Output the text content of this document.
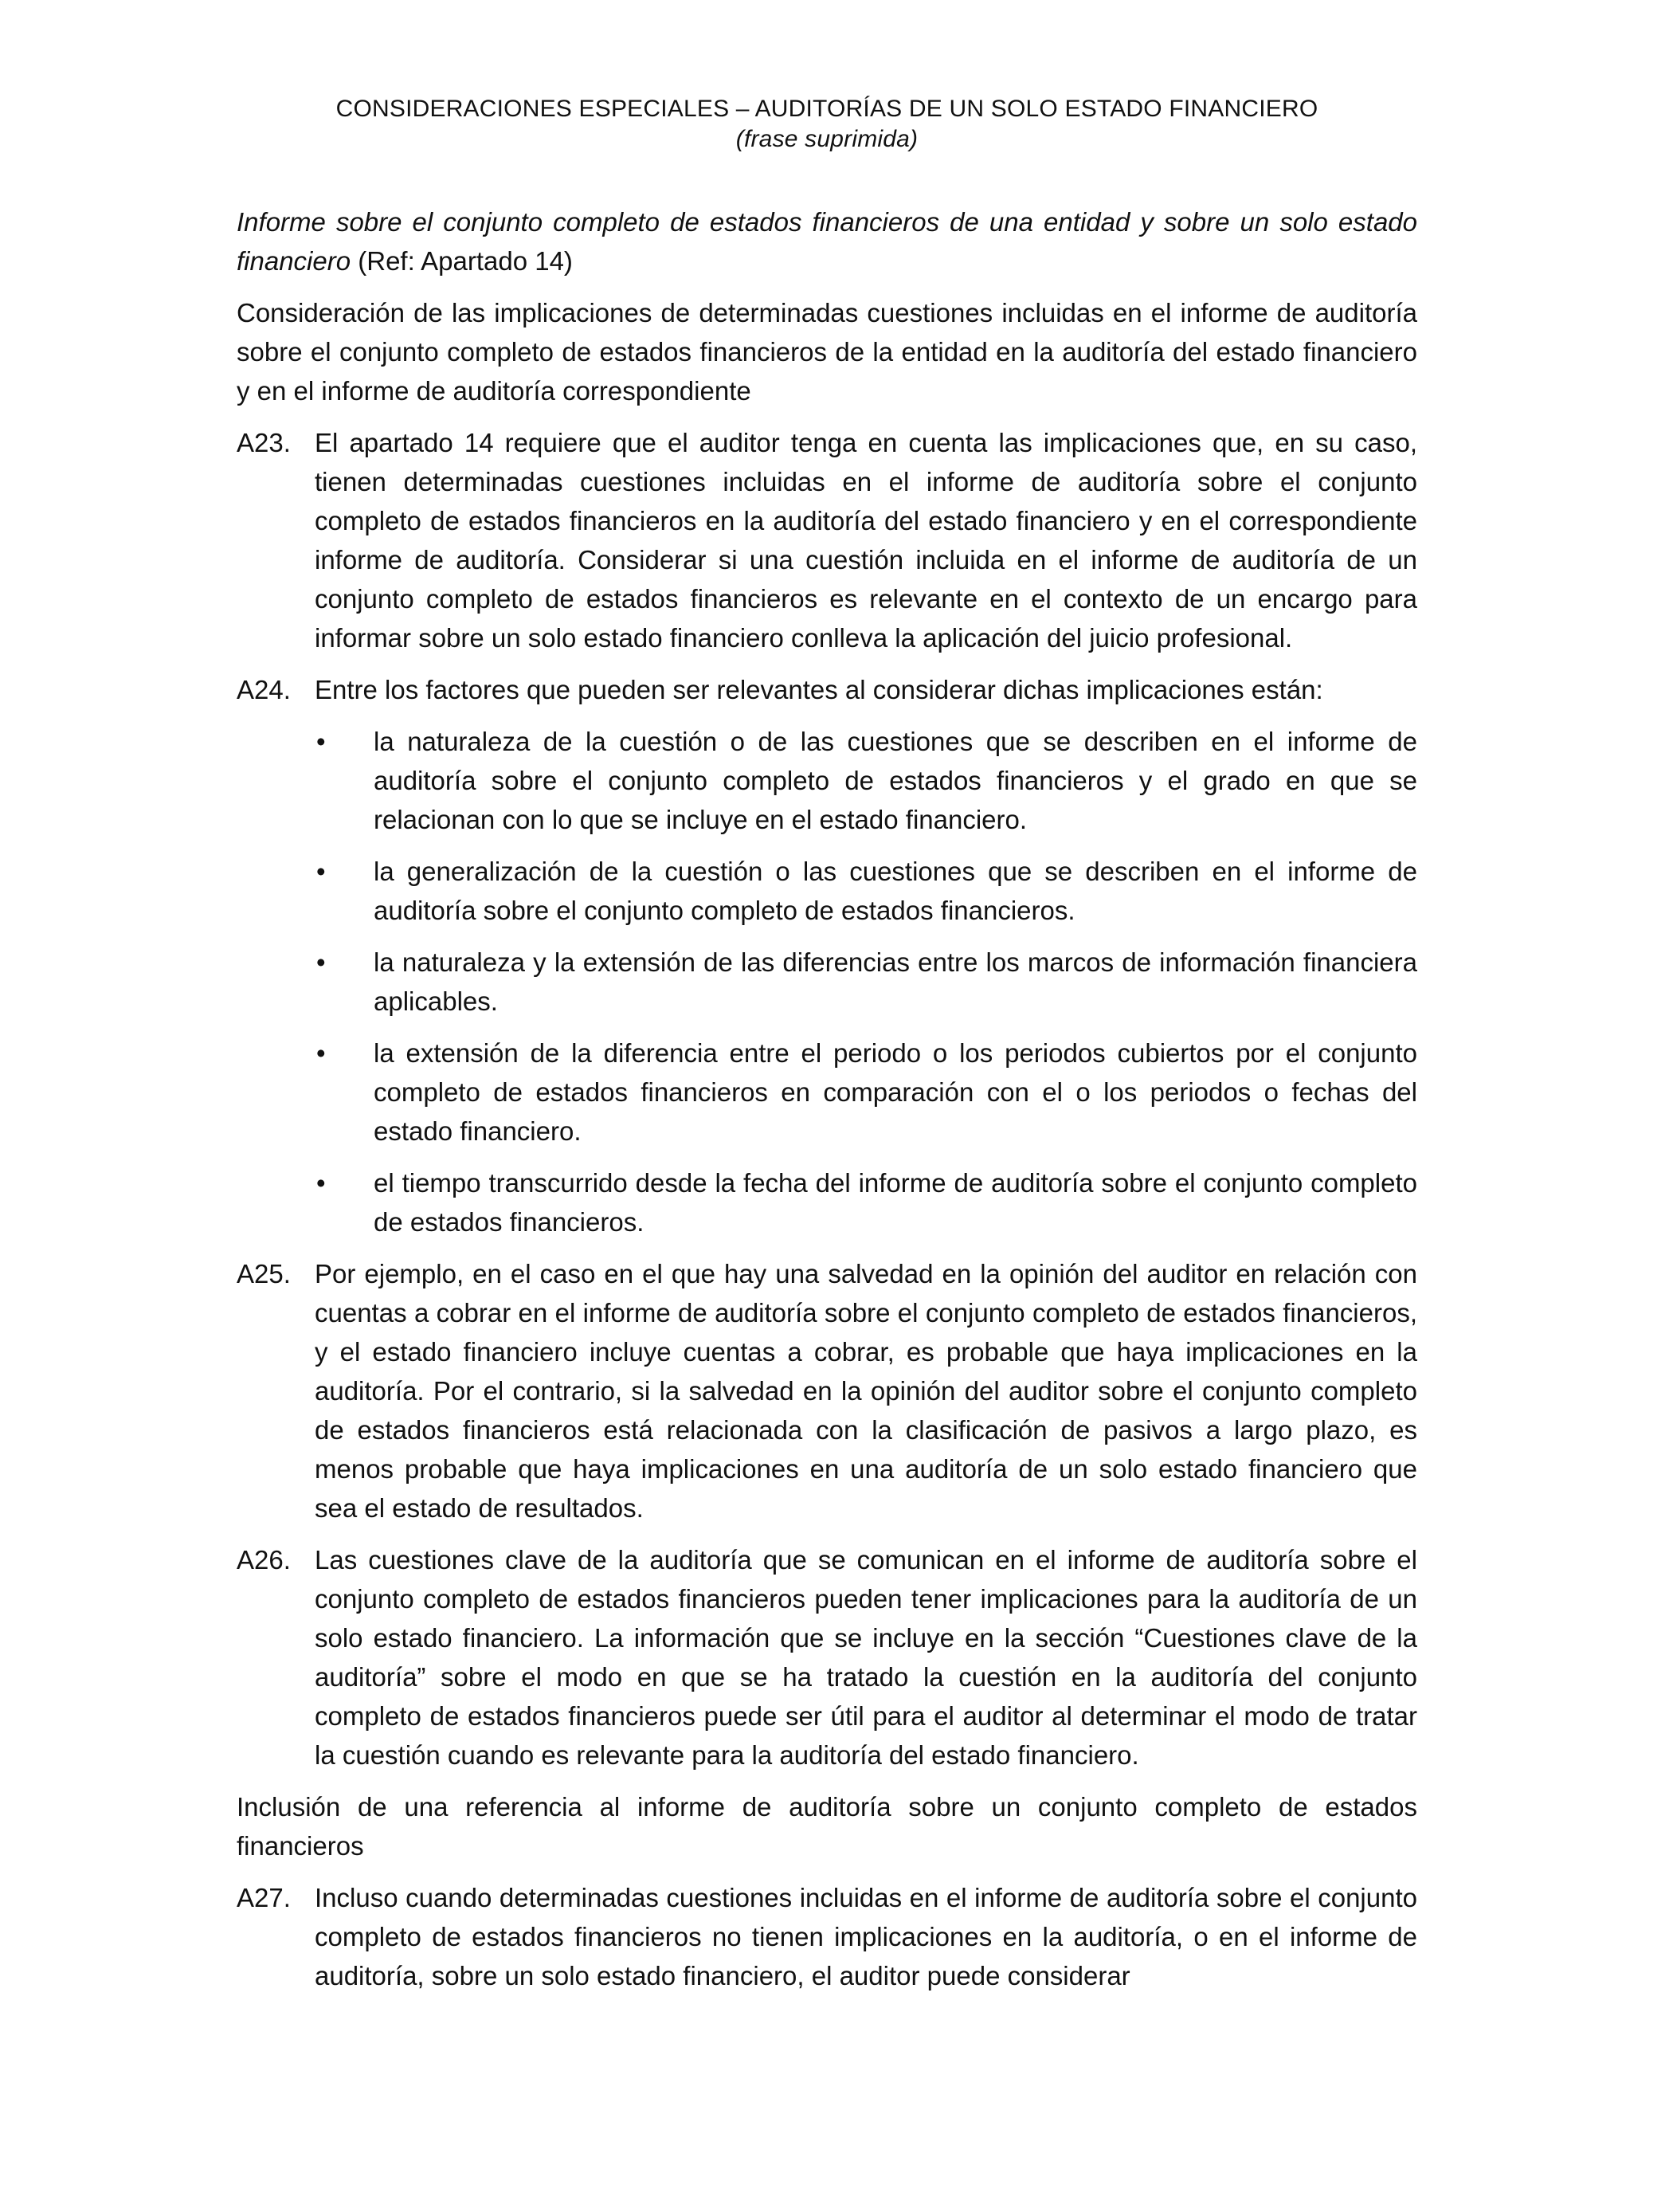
CONSIDERACIONES ESPECIALES – AUDITORÍAS DE UN SOLO ESTADO FINANCIERO
(frase suprimida)
Informe sobre el conjunto completo de estados financieros de una entidad y sobre un solo estado financiero (Ref: Apartado 14)
Consideración de las implicaciones de determinadas cuestiones incluidas en el informe de auditoría sobre el conjunto completo de estados financieros de la entidad en la auditoría del estado financiero y en el informe de auditoría correspondiente
A23. El apartado 14 requiere que el auditor tenga en cuenta las implicaciones que, en su caso, tienen determinadas cuestiones incluidas en el informe de auditoría sobre el conjunto completo de estados financieros en la auditoría del estado financiero y en el correspondiente informe de auditoría. Considerar si una cuestión incluida en el informe de auditoría de un conjunto completo de estados financieros es relevante en el contexto de un encargo para informar sobre un solo estado financiero conlleva la aplicación del juicio profesional.
A24. Entre los factores que pueden ser relevantes al considerar dichas implicaciones están:
•	la naturaleza de la cuestión o de las cuestiones que se describen en el informe de auditoría sobre el conjunto completo de estados financieros y el grado en que se relacionan con lo que se incluye en el estado financiero.
•	la generalización de la cuestión o las cuestiones que se describen en el informe de auditoría sobre el conjunto completo de estados financieros.
•	la naturaleza y la extensión de las diferencias entre los marcos de información financiera aplicables.
•	la extensión de la diferencia entre el periodo o los periodos cubiertos por el conjunto completo de estados financieros en comparación con el o los periodos o fechas del estado financiero.
•	el tiempo transcurrido desde la fecha del informe de auditoría sobre el conjunto completo de estados financieros.
A25. Por ejemplo, en el caso en el que hay una salvedad en la opinión del auditor en relación con cuentas a cobrar en el informe de auditoría sobre el conjunto completo de estados financieros, y el estado financiero incluye cuentas a cobrar, es probable que haya implicaciones en la auditoría. Por el contrario, si la salvedad en la opinión del auditor sobre el conjunto completo de estados financieros está relacionada con la clasificación de pasivos a largo plazo, es menos probable que haya implicaciones en una auditoría de un solo estado financiero que sea el estado de resultados.
A26. Las cuestiones clave de la auditoría que se comunican en el informe de auditoría sobre el conjunto completo de estados financieros pueden tener implicaciones para la auditoría de un solo estado financiero. La información que se incluye en la sección “Cuestiones clave de la auditoría” sobre el modo en que se ha tratado la cuestión en la auditoría del conjunto completo de estados financieros puede ser útil para el auditor al determinar el modo de tratar la cuestión cuando es relevante para la auditoría del estado financiero.
Inclusión de una referencia al informe de auditoría sobre un conjunto completo de estados financieros
A27. Incluso cuando determinadas cuestiones incluidas en el informe de auditoría sobre el conjunto completo de estados financieros no tienen implicaciones en la auditoría, o en el informe de auditoría, sobre un solo estado financiero, el auditor puede considerar
